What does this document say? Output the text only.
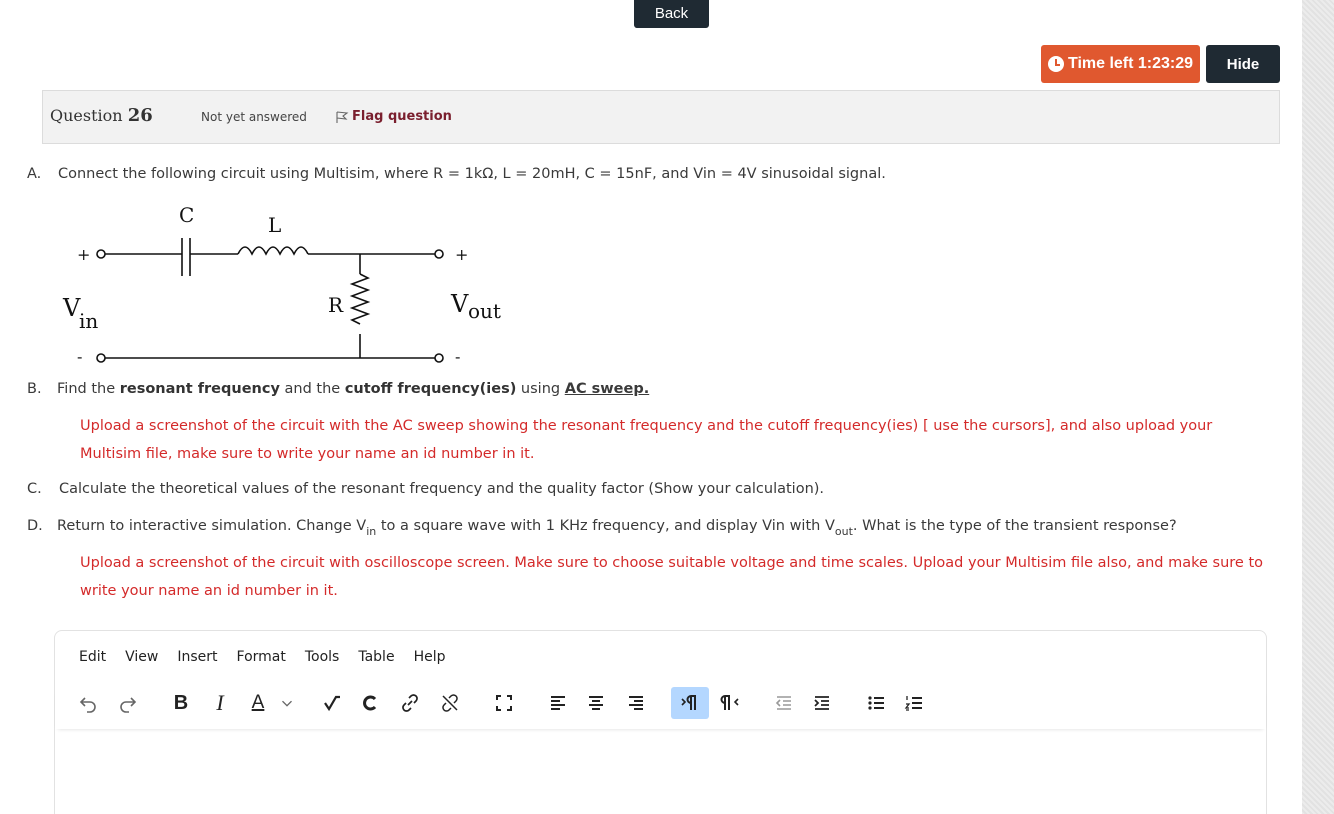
Back
Time left 1:23:29	Hide
Question 26	Not yet answered	Flag question
A. Connect the following circuit using Multisim, where R = 1kΩ, L = 20mH, C = 15nF, and Vin = 4V sinusoidal signal.
C	L
R
+
-
+
-
V
in
V out
B. Find the resonant frequency and the cutoff frequency(ies) using AC sweep.
Upload a screenshot of the circuit with the AC sweep showing the resonant frequency and the cutoff frequency(ies) [ use the cursors], and also upload your Multisim file, make sure to write your name an id number in it.
C. Calculate the theoretical values of the resonant frequency and the quality factor (Show your calculation).
D. Return to interactive simulation. Change $V_{in}$ to a square wave with 1 KHz frequency, and display Vin with $V_{out}$. What is the type of the transient response?
Upload a screenshot of the circuit with oscilloscope screen. Make sure to choose suitable voltage and time scales. Upload your Multisim file also, and make sure to write your name an id number in it.
Edit View Insert Format Tools Table Help
B	I	A
